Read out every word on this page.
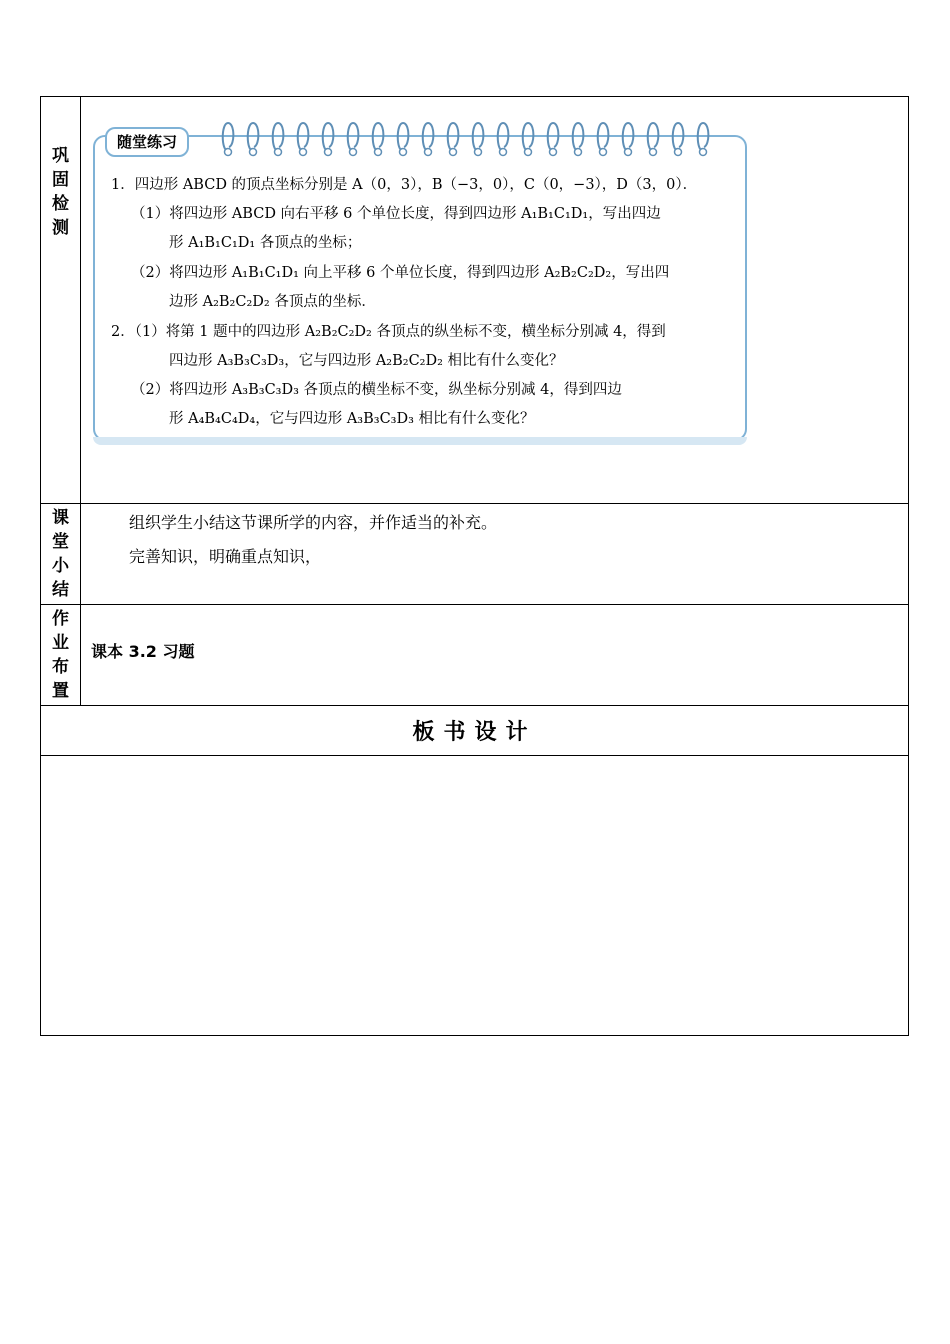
巩
固
检
测
随堂练习
1．四边形 ABCD 的顶点坐标分别是 A（0，3），B（−3，0），C（0，−3），D（3，0）．
（1）将四边形 ABCD 向右平移 6 个单位长度，得到四边形 A₁B₁C₁D₁，写出四边
形 A₁B₁C₁D₁ 各顶点的坐标；
（2）将四边形 A₁B₁C₁D₁ 向上平移 6 个单位长度，得到四边形 A₂B₂C₂D₂，写出四
边形 A₂B₂C₂D₂ 各顶点的坐标．
2．（1）将第 1 题中的四边形 A₂B₂C₂D₂ 各顶点的纵坐标不变，横坐标分别减 4，得到
四边形 A₃B₃C₃D₃，它与四边形 A₂B₂C₂D₂ 相比有什么变化？
（2）将四边形 A₃B₃C₃D₃ 各顶点的横坐标不变，纵坐标分别减 4，得到四边
形 A₄B₄C₄D₄，它与四边形 A₃B₃C₃D₃ 相比有什么变化？
课
堂
小
结
组织学生小结这节课所学的内容，并作适当的补充。
完善知识，明确重点知识，
作
业
布
置
课本 3.2 习题
板书设计
